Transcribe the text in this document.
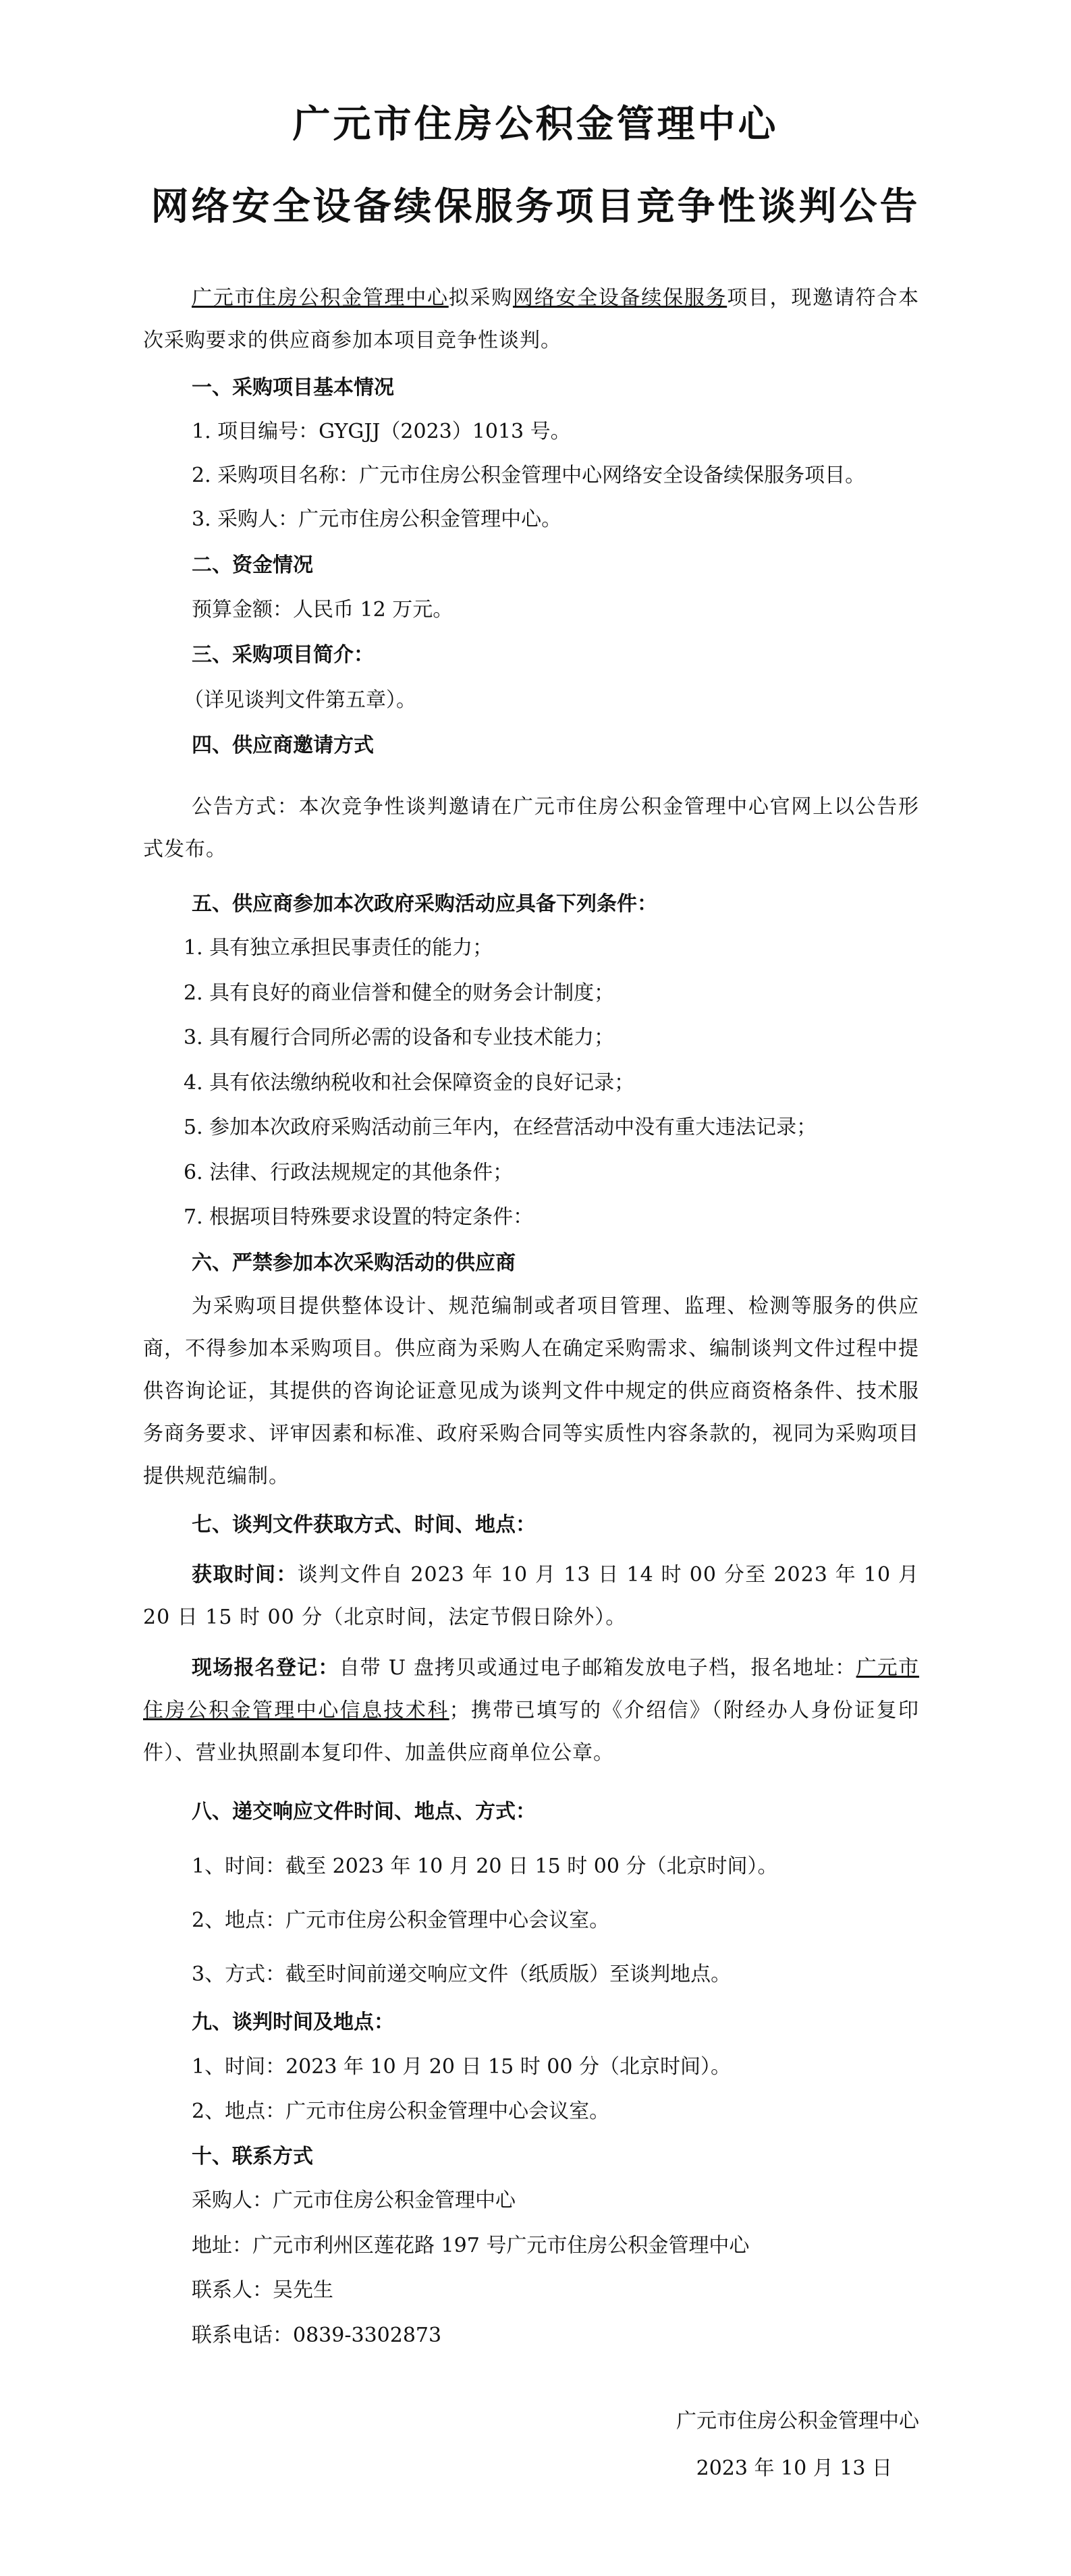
广元市住房公积金管理中心
网络安全设备续保服务项目竞争性谈判公告

广元市住房公积金管理中心拟采购网络安全设备续保服务项目，现邀请符合本次采购要求的供应商参加本项目竞争性谈判。

一、采购项目基本情况
1. 项目编号：GYGJJ（2023）1013 号。
2. 采购项目名称：广元市住房公积金管理中心网络安全设备续保服务项目。
3. 采购人：广元市住房公积金管理中心。
二、资金情况
预算金额：人民币 12 万元。
三、采购项目简介：
（详见谈判文件第五章）。
四、供应商邀请方式

公告方式：本次竞争性谈判邀请在广元市住房公积金管理中心官网上以公告形式发布。

五、供应商参加本次政府采购活动应具备下列条件：
1. 具有独立承担民事责任的能力；
2. 具有良好的商业信誉和健全的财务会计制度；
3. 具有履行合同所必需的设备和专业技术能力；
4. 具有依法缴纳税收和社会保障资金的良好记录；
5. 参加本次政府采购活动前三年内，在经营活动中没有重大违法记录；
6. 法律、行政法规规定的其他条件；
7. 根据项目特殊要求设置的特定条件：
六、严禁参加本次采购活动的供应商

为采购项目提供整体设计、规范编制或者项目管理、监理、检测等服务的供应商，不得参加本采购项目。供应商为采购人在确定采购需求、编制谈判文件过程中提供咨询论证，其提供的咨询论证意见成为谈判文件中规定的供应商资格条件、技术服务商务要求、评审因素和标准、政府采购合同等实质性内容条款的，视同为采购项目提供规范编制。

七、谈判文件获取方式、时间、地点：

获取时间：谈判文件自 2023 年 10 月 13 日 14 时 00 分至 2023 年 10 月 20 日 15 时 00 分（北京时间，法定节假日除外）。

现场报名登记：自带 U 盘拷贝或通过电子邮箱发放电子档，报名地址：广元市住房公积金管理中心信息技术科；携带已填写的《介绍信》（附经办人身份证复印件）、营业执照副本复印件、加盖供应商单位公章。

八、递交响应文件时间、地点、方式：
1、时间：截至 2023 年 10 月 20 日 15 时 00 分（北京时间）。
2、地点：广元市住房公积金管理中心会议室。
3、方式：截至时间前递交响应文件（纸质版）至谈判地点。
九、谈判时间及地点：
1、时间：2023 年 10 月 20 日 15 时 00 分（北京时间）。
2、地点：广元市住房公积金管理中心会议室。
十、联系方式
采购人：广元市住房公积金管理中心
地址：广元市利州区莲花路 197 号广元市住房公积金管理中心
联系人：吴先生
联系电话：0839-3302873
广元市住房公积金管理中心
2023 年 10 月 13 日
